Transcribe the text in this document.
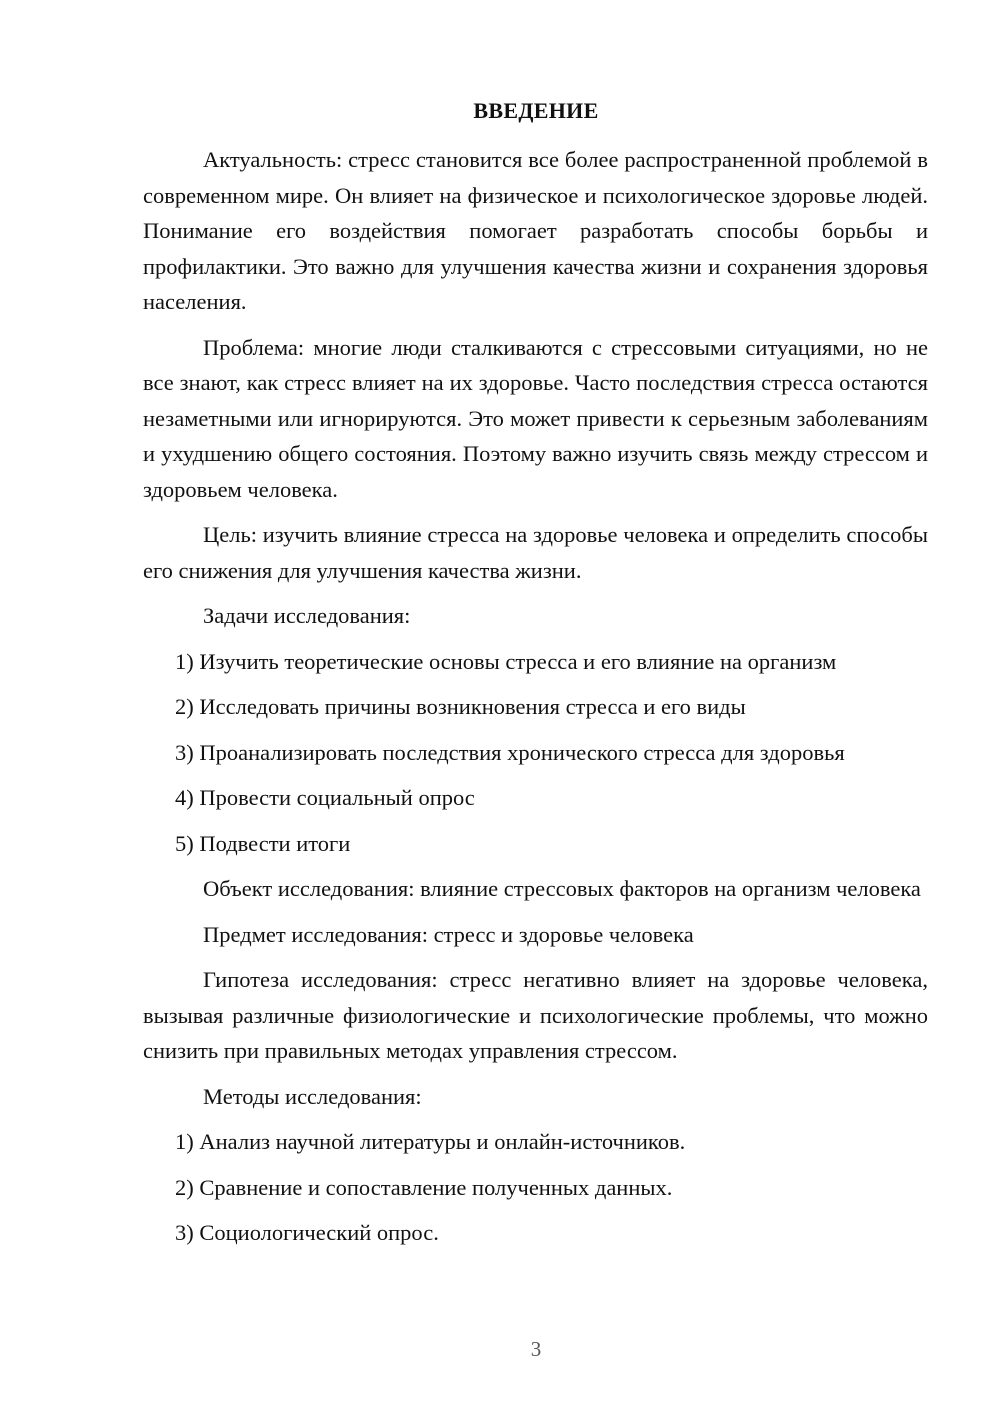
ВВЕДЕНИЕ

Актуальность: стресс становится все более распространенной проблемой в современном мире. Он влияет на физическое и психологическое здоровье людей. Понимание его воздействия помогает разработать способы борьбы и профилактики. Это важно для улучшения качества жизни и сохранения здоровья населения.

Проблема: многие люди сталкиваются с стрессовыми ситуациями, но не все знают, как стресс влияет на их здоровье. Часто последствия стресса остаются незаметными или игнорируются. Это может привести к серьезным заболеваниям и ухудшению общего состояния. Поэтому важно изучить связь между стрессом и здоровьем человека.

Цель: изучить влияние стресса на здоровье человека и определить способы его снижения для улучшения качества жизни.

Задачи исследования:

1) Изучить теоретические основы стресса и его влияние на организм

2) Исследовать причины возникновения стресса и его виды

3) Проанализировать последствия хронического стресса для здоровья

4) Провести социальный опрос

5) Подвести итоги

Объект исследования: влияние стрессовых факторов на организм человека

Предмет исследования: стресс и здоровье человека

Гипотеза исследования: стресс негативно влияет на здоровье человека, вызывая различные физиологические и психологические проблемы, что можно снизить при правильных методах управления стрессом.

Методы исследования:

1) Анализ научной литературы и онлайн-источников.

2) Сравнение и сопоставление полученных данных.

3) Социологический опрос.

3
